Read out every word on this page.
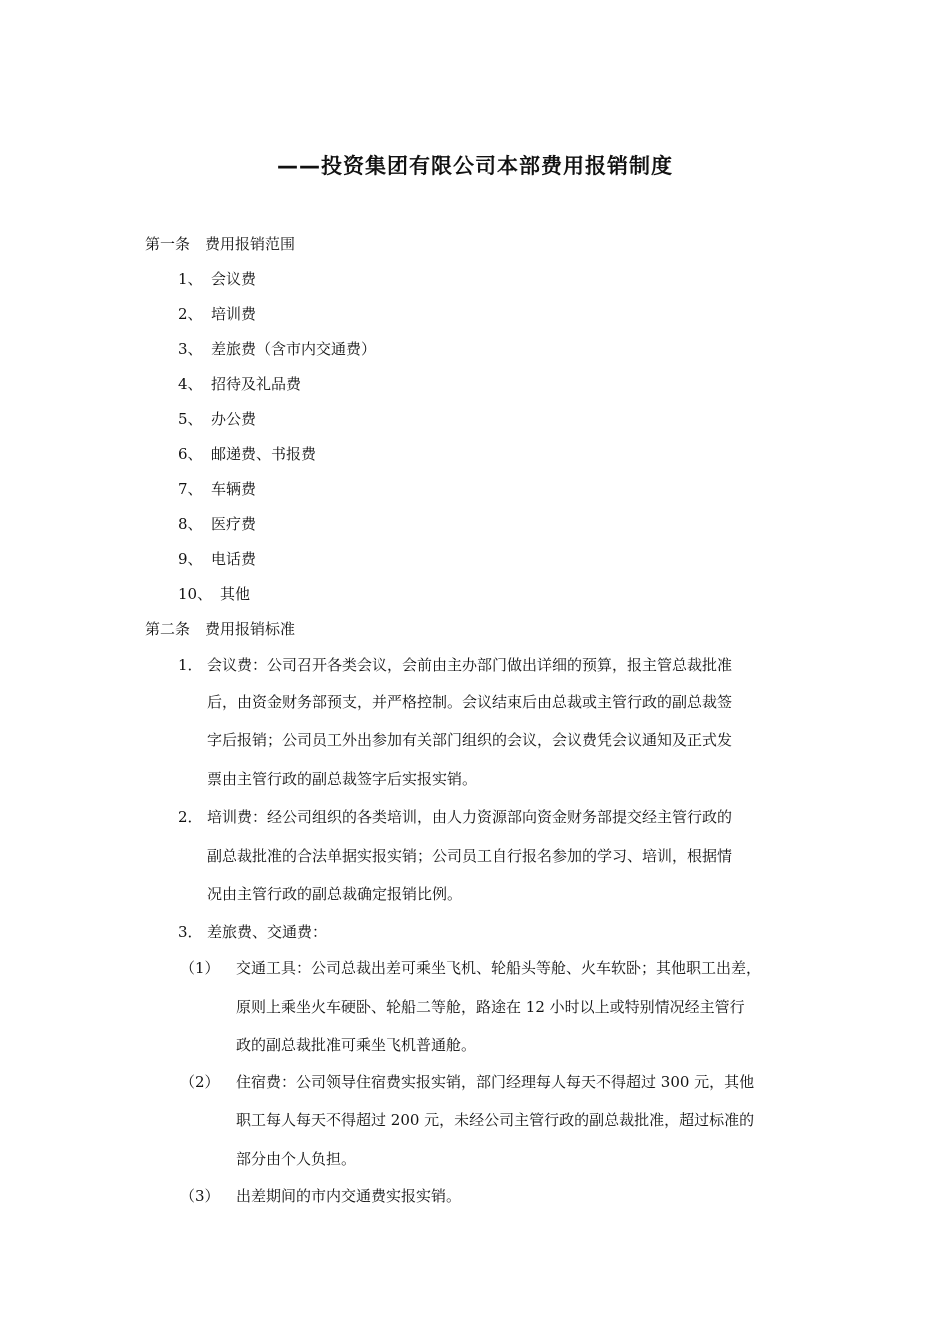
——投资集团有限公司本部费用报销制度
第一条　费用报销范围
1、 会议费
2、 培训费
3、 差旅费（含市内交通费）
4、 招待及礼品费
5、 办公费
6、 邮递费、书报费
7、 车辆费
8、 医疗费
9、 电话费
10、 其他
第二条　费用报销标准
1． 会议费：公司召开各类会议，会前由主办部门做出详细的预算，报主管总裁批准
后，由资金财务部预支，并严格控制。会议结束后由总裁或主管行政的副总裁签
字后报销；公司员工外出参加有关部门组织的会议，会议费凭会议通知及正式发
票由主管行政的副总裁签字后实报实销。
2． 培训费：经公司组织的各类培训，由人力资源部向资金财务部提交经主管行政的
副总裁批准的合法单据实报实销；公司员工自行报名参加的学习、培训，根据情
况由主管行政的副总裁确定报销比例。
3． 差旅费、交通费：
（1） 交通工具：公司总裁出差可乘坐飞机、轮船头等舱、火车软卧；其他职工出差，
原则上乘坐火车硬卧、轮船二等舱，路途在 12 小时以上或特别情况经主管行
政的副总裁批准可乘坐飞机普通舱。
（2） 住宿费：公司领导住宿费实报实销，部门经理每人每天不得超过 300 元，其他
职工每人每天不得超过 200 元，未经公司主管行政的副总裁批准，超过标准的
部分由个人负担。
（3） 出差期间的市内交通费实报实销。
